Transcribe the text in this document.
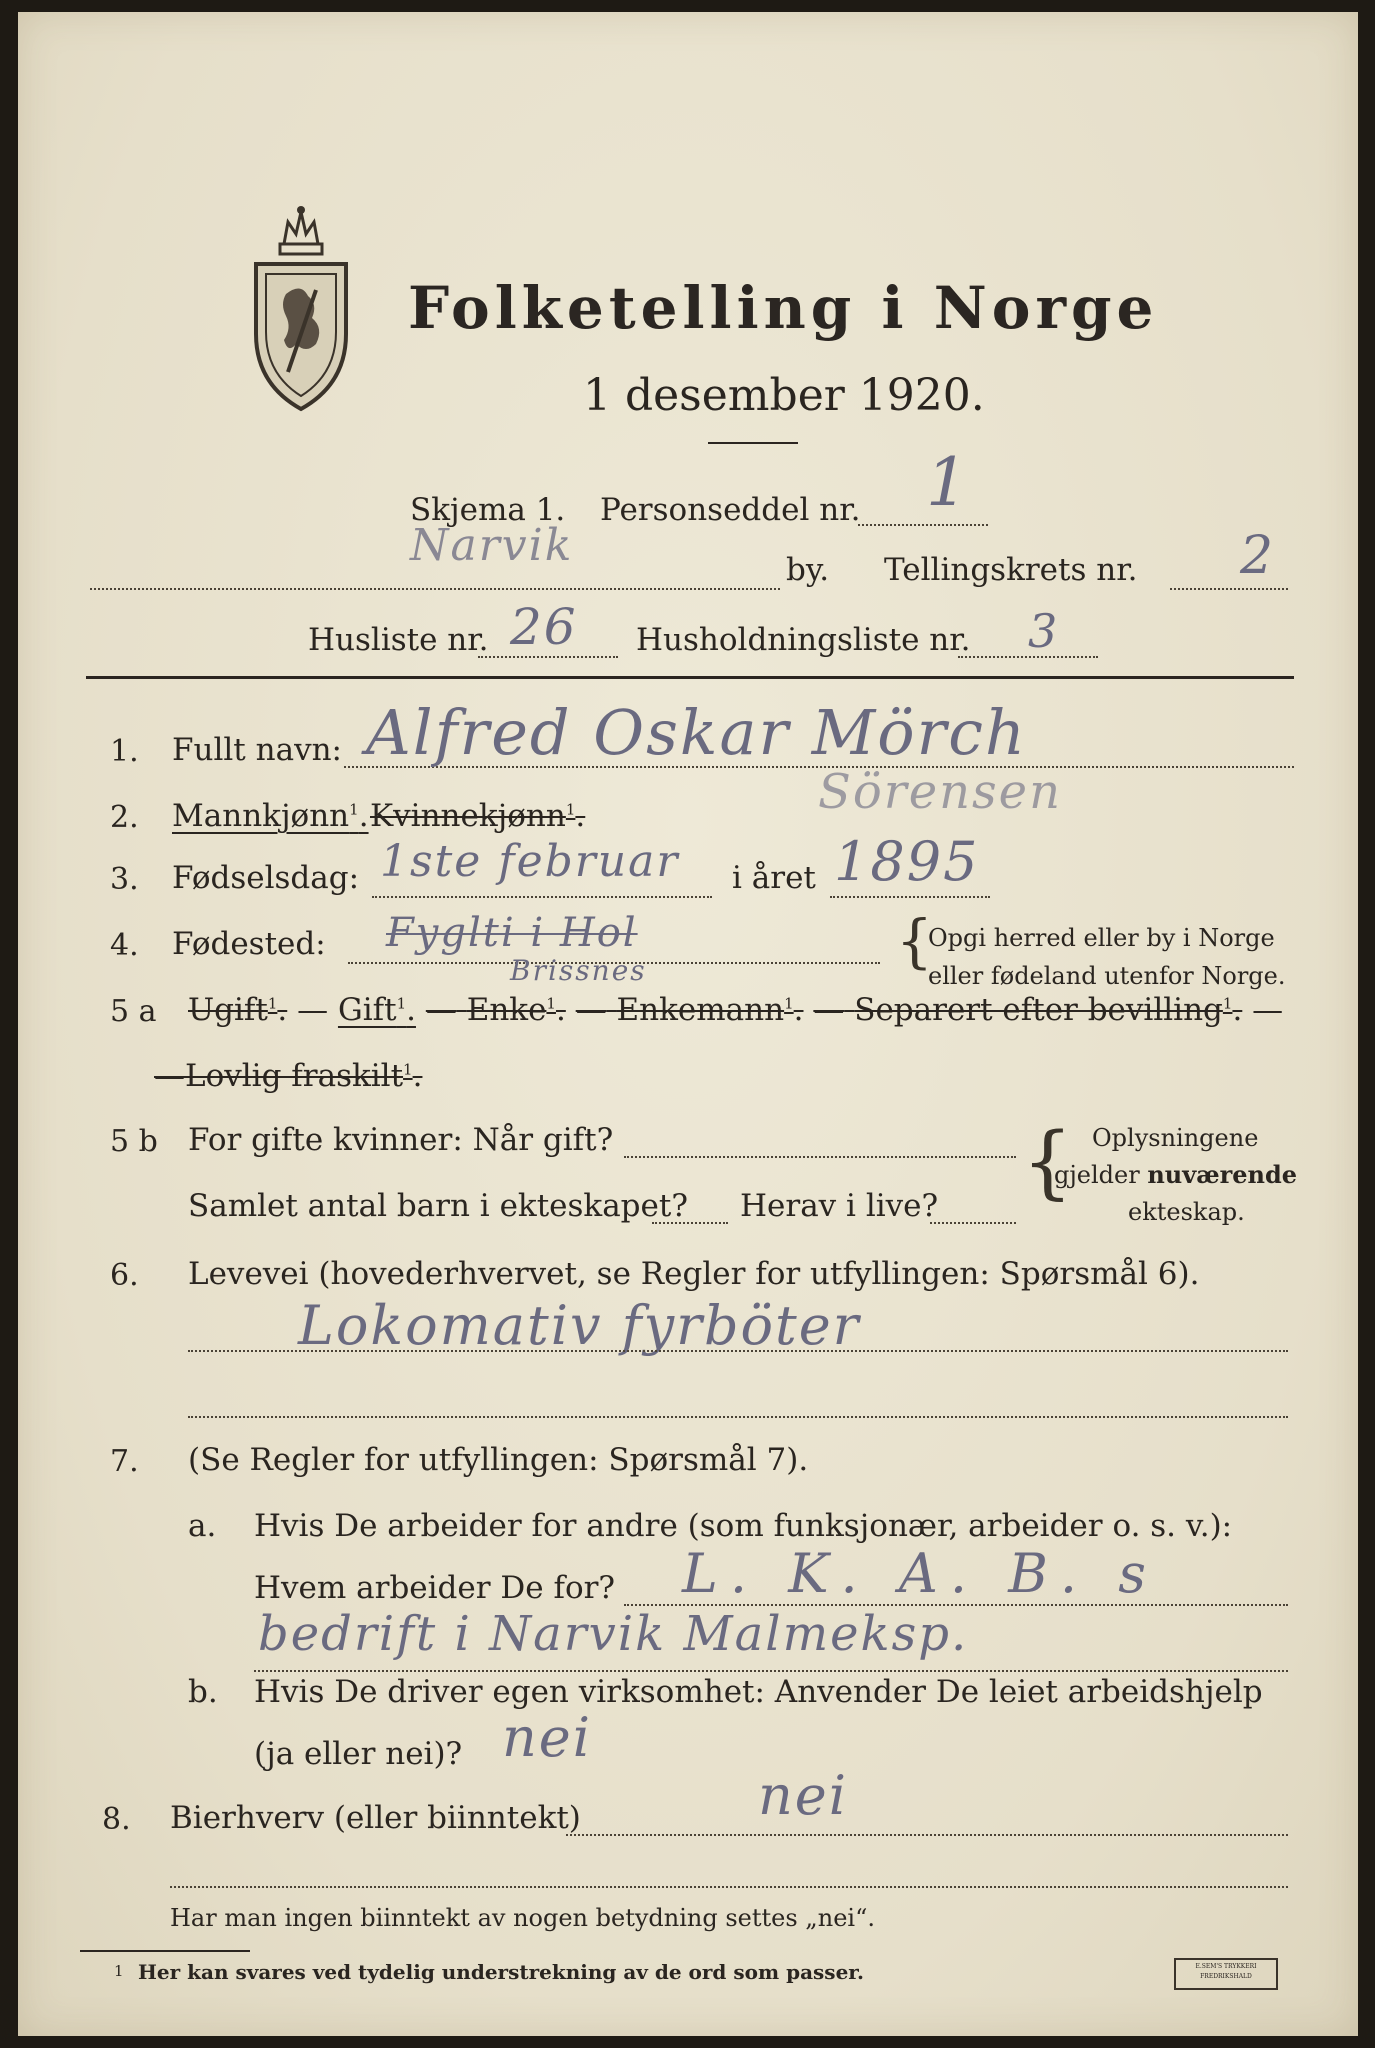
Folketelling i Norge
1 desember 1920.
Skjema 1. Personseddel nr. 1
Narvik	by. Tellingskrets nr. 2
Husliste nr. 26 Husholdningsliste nr. 3
1. Fullt navn: Alfred Oskar Mörch
Sörensen
2. Mannkjønn$^1$. Kvinnekjønn$^1$.
3. Fødselsdag: 1ste februar i året 1895
4. Fødested: Fyglti i Hol
Brissnes	{
Opgi herred eller by i Norge
eller fødeland utenfor Norge.
5 a Ugift$^1$. — Gift$^1$. — Enke$^1$. — Enkemann$^1$. — Separert efter bevilling$^1$. —
—Lovlig fraskilt$^1$.
5 b For gifte kvinner: Når gift?
Samlet antal barn i ekteskapet? Herav i live? { Oplysningene
gjelder nuværende
ekteskap.
6. Levevei (hovederhvervet, se Regler for utfyllingen: Spørsmål 6).
Lokomativ fyrböter
7. (Se Regler for utfyllingen: Spørsmål 7).
a. Hvis De arbeider for andre (som funksjonær, arbeider o. s. v.):
Hvem arbeider De for? L. K. A. B. s
bedrift i Narvik Malmeksp.
b. Hvis De driver egen virksomhet: Anvender De leiet arbeidshjelp
(ja eller nei)? nei
8. Bierhverv (eller biinntekt)	nei
Har man ingen biinntekt av nogen betydning settes „nei“.
1 Her kan svares ved tydelig understrekning av de ord som passer.	E.SEM'S TRYKKERI
FREDRIKSHALD
